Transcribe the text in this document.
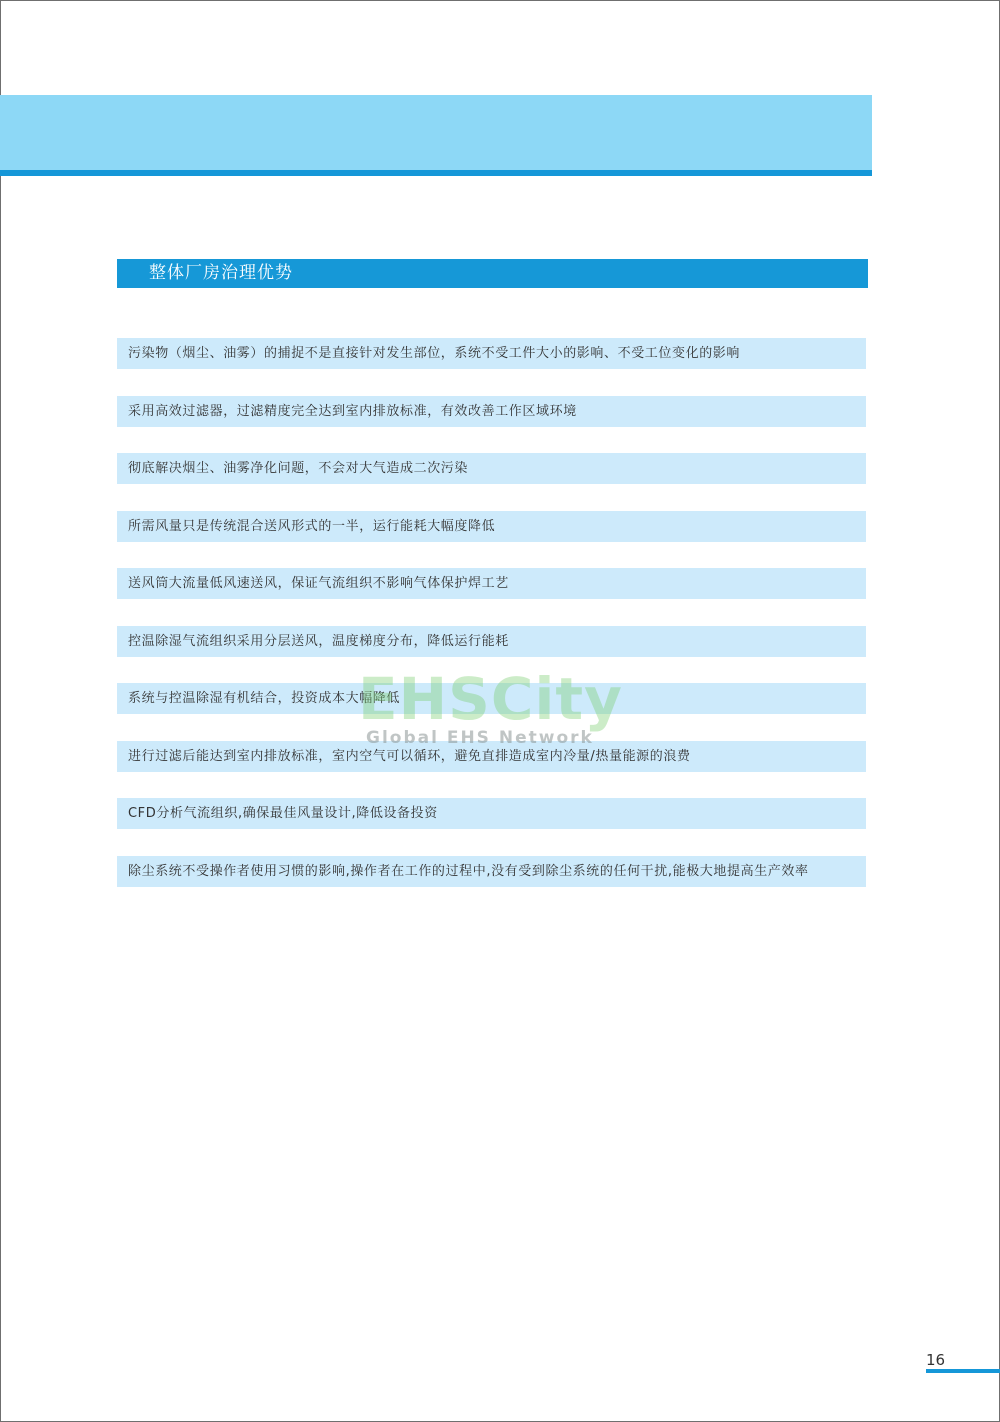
整体厂房治理优势
污染物（烟尘、油雾）的捕捉不是直接针对发生部位，系统不受工件大小的影响、不受工位变化的影响
采用高效过滤器，过滤精度完全达到室内排放标准，有效改善工作区域环境
彻底解决烟尘、油雾净化问题，不会对大气造成二次污染
所需风量只是传统混合送风形式的一半，运行能耗大幅度降低
送风筒大流量低风速送风，保证气流组织不影响气体保护焊工艺
控温除湿气流组织采用分层送风，温度梯度分布，降低运行能耗
系统与控温除湿有机结合，投资成本大幅降低
进行过滤后能达到室内排放标准，室内空气可以循环，避免直排造成室内冷量/热量能源的浪费
CFD分析气流组织,确保最佳风量设计,降低设备投资
除尘系统不受操作者使用习惯的影响,操作者在工作的过程中,没有受到除尘系统的任何干扰,能极大地提高生产效率
EHSCity
Global EHS Network
16
